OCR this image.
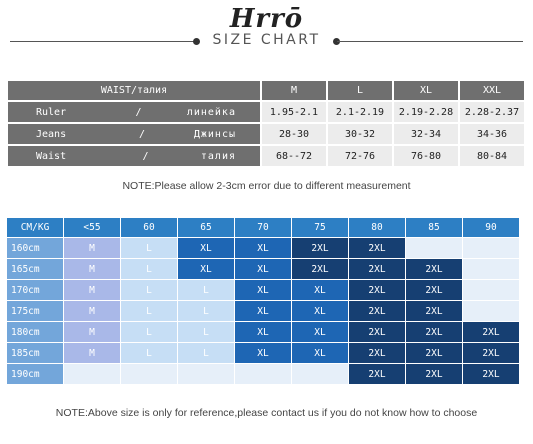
Hrrō
SIZE CHART
WAIST/талия	M	L	XL	XXL

Ruler / линейка	1.95-2.1	2.1-2.19	2.19-2.28	2.28-2.37

Jeans / Джинсы	28-30	30-32	32-34	34-36

Waist / талия	68--72	72-76	76-80	80-84
NOTE:Please allow 2-3cm error due to different measurement
CM/KG	<55	60	65	70	75	80	85	90
160cm	M	L	XL	XL	2XL	2XL		
165cm	M	L	XL	XL	2XL	2XL	2XL	
170cm	M	L	L	XL	XL	2XL	2XL	
175cm	M	L	L	XL	XL	2XL	2XL	
180cm	M	L	L	XL	XL	2XL	2XL	2XL
185cm	M	L	L	XL	XL	2XL	2XL	2XL
190cm						2XL	2XL	2XL
NOTE:Above size is only for reference,please contact us if you do not know how to choose
